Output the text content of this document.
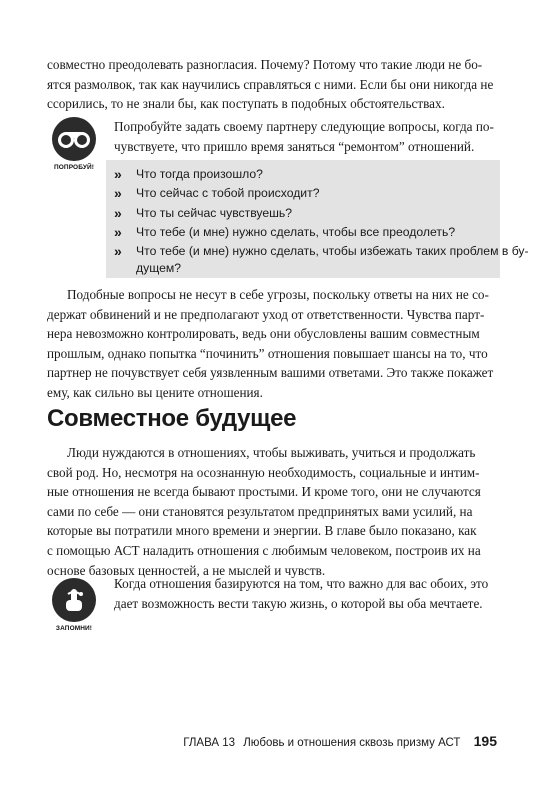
совместно преодолевать разногласия. Почему? Потому что такие люди не бо-
ятся размолвок, так как научились справляться с ними. Если бы они никогда не
ссорились, то не знали бы, как поступать в подобных обстоятельствах.
ПОПРОБУЙ!
Попробуйте задать своему партнеру следующие вопросы, когда по-
чувствуете, что пришло время заняться “ремонтом” отношений.
» Что тогда произошло?
» Что сейчас с тобой происходит?
» Что ты сейчас чувствуешь?
» Что тебе (и мне) нужно сделать, чтобы все преодолеть?
» Что тебе (и мне) нужно сделать, чтобы избежать таких проблем в бу-
дущем?
Подобные вопросы не несут в себе угрозы, поскольку ответы на них не со-
держат обвинений и не предполагают уход от ответственности. Чувства парт-
нера невозможно контролировать, ведь они обусловлены вашим совместным
прошлым, однако попытка “починить” отношения повышает шансы на то, что
партнер не почувствует себя уязвленным вашими ответами. Это также покажет
ему, как сильно вы цените отношения.
Совместное будущее
Люди нуждаются в отношениях, чтобы выживать, учиться и продолжать
свой род. Но, несмотря на осознанную необходимость, социальные и интим-
ные отношения не всегда бывают простыми. И кроме того, они не случаются
сами по себе — они становятся результатом предпринятых вами усилий, на
которые вы потратили много времени и энергии. В главе было показано, как
с помощью АСТ наладить отношения с любимым человеком, построив их на
основе базовых ценностей, а не мыслей и чувств.
ЗАПОМНИ!
Когда отношения базируются на том, что важно для вас обоих, это
дает возможность вести такую жизнь, о которой вы оба мечтаете.
ГЛАВА 13 Любовь и отношения сквозь призму АСТ 195
